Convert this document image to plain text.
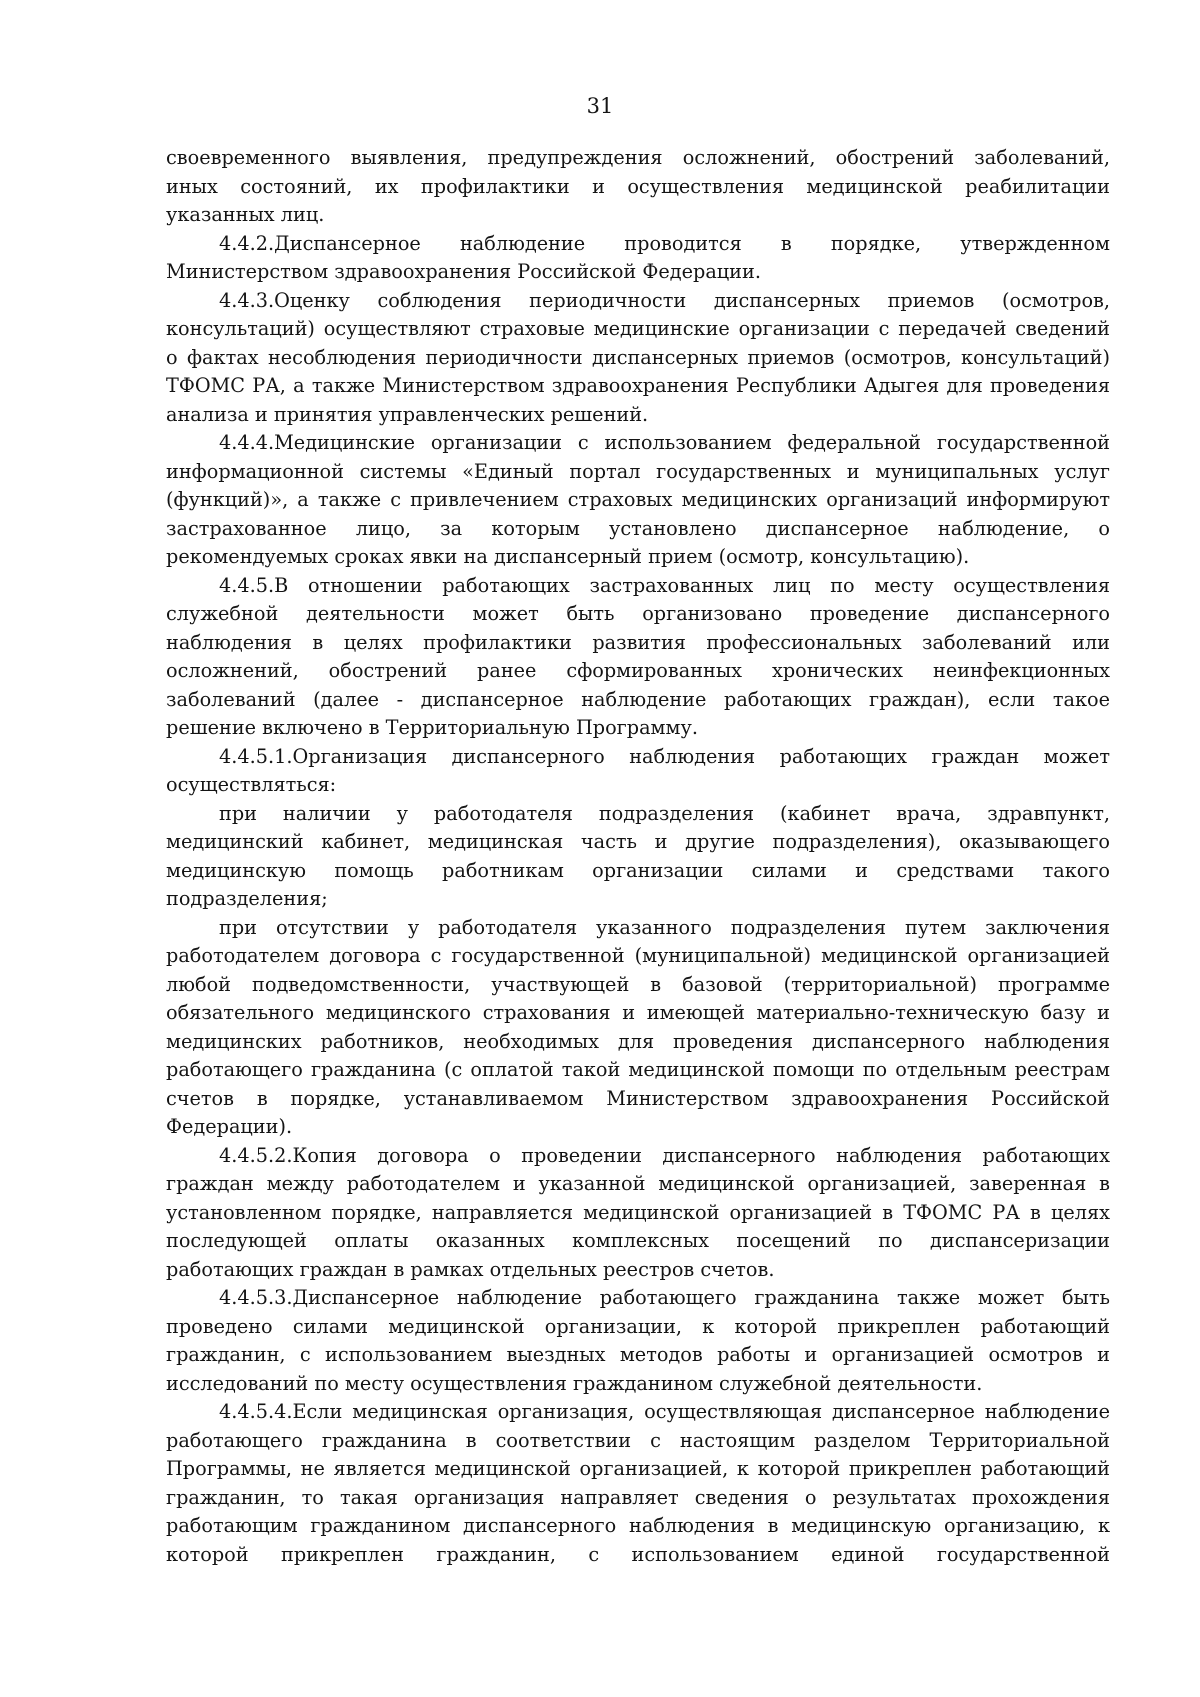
31
своевременного выявления, предупреждения осложнений, обострений заболеваний,
иных состояний, их профилактики и осуществления медицинской реабилитации
указанных лиц.
4.4.2.Диспансерное наблюдение проводится в порядке, утвержденном
Министерством здравоохранения Российской Федерации.
4.4.3.Оценку соблюдения периодичности диспансерных приемов (осмотров,
консультаций) осуществляют страховые медицинские организации с передачей сведений
о фактах несоблюдения периодичности диспансерных приемов (осмотров, консультаций)
ТФОМС РА, а также Министерством здравоохранения Республики Адыгея для проведения
анализа и принятия управленческих решений.
4.4.4.Медицинские организации с использованием федеральной государственной
информационной системы «Единый портал государственных и муниципальных услуг
(функций)», а также с привлечением страховых медицинских организаций информируют
застрахованное лицо, за которым установлено диспансерное наблюдение, о
рекомендуемых сроках явки на диспансерный прием (осмотр, консультацию).
4.4.5.В отношении работающих застрахованных лиц по месту осуществления
служебной деятельности может быть организовано проведение диспансерного
наблюдения в целях профилактики развития профессиональных заболеваний или
осложнений, обострений ранее сформированных хронических неинфекционных
заболеваний (далее - диспансерное наблюдение работающих граждан), если такое
решение включено в Территориальную Программу.
4.4.5.1.Организация диспансерного наблюдения работающих граждан может
осуществляться:
при наличии у работодателя подразделения (кабинет врача, здравпункт,
медицинский кабинет, медицинская часть и другие подразделения), оказывающего
медицинскую помощь работникам организации силами и средствами такого
подразделения;
при отсутствии у работодателя указанного подразделения путем заключения
работодателем договора с государственной (муниципальной) медицинской организацией
любой подведомственности, участвующей в базовой (территориальной) программе
обязательного медицинского страхования и имеющей материально-техническую базу и
медицинских работников, необходимых для проведения диспансерного наблюдения
работающего гражданина (с оплатой такой медицинской помощи по отдельным реестрам
счетов в порядке, устанавливаемом Министерством здравоохранения Российской
Федерации).
4.4.5.2.Копия договора о проведении диспансерного наблюдения работающих
граждан между работодателем и указанной медицинской организацией, заверенная в
установленном порядке, направляется медицинской организацией в ТФОМС РА в целях
последующей оплаты оказанных комплексных посещений по диспансеризации
работающих граждан в рамках отдельных реестров счетов.
4.4.5.3.Диспансерное наблюдение работающего гражданина также может быть
проведено силами медицинской организации, к которой прикреплен работающий
гражданин, с использованием выездных методов работы и организацией осмотров и
исследований по месту осуществления гражданином служебной деятельности.
4.4.5.4.Если медицинская организация, осуществляющая диспансерное наблюдение
работающего гражданина в соответствии с настоящим разделом Территориальной
Программы, не является медицинской организацией, к которой прикреплен работающий
гражданин, то такая организация направляет сведения о результатах прохождения
работающим гражданином диспансерного наблюдения в медицинскую организацию, к
которой прикреплен гражданин, с использованием единой государственной
